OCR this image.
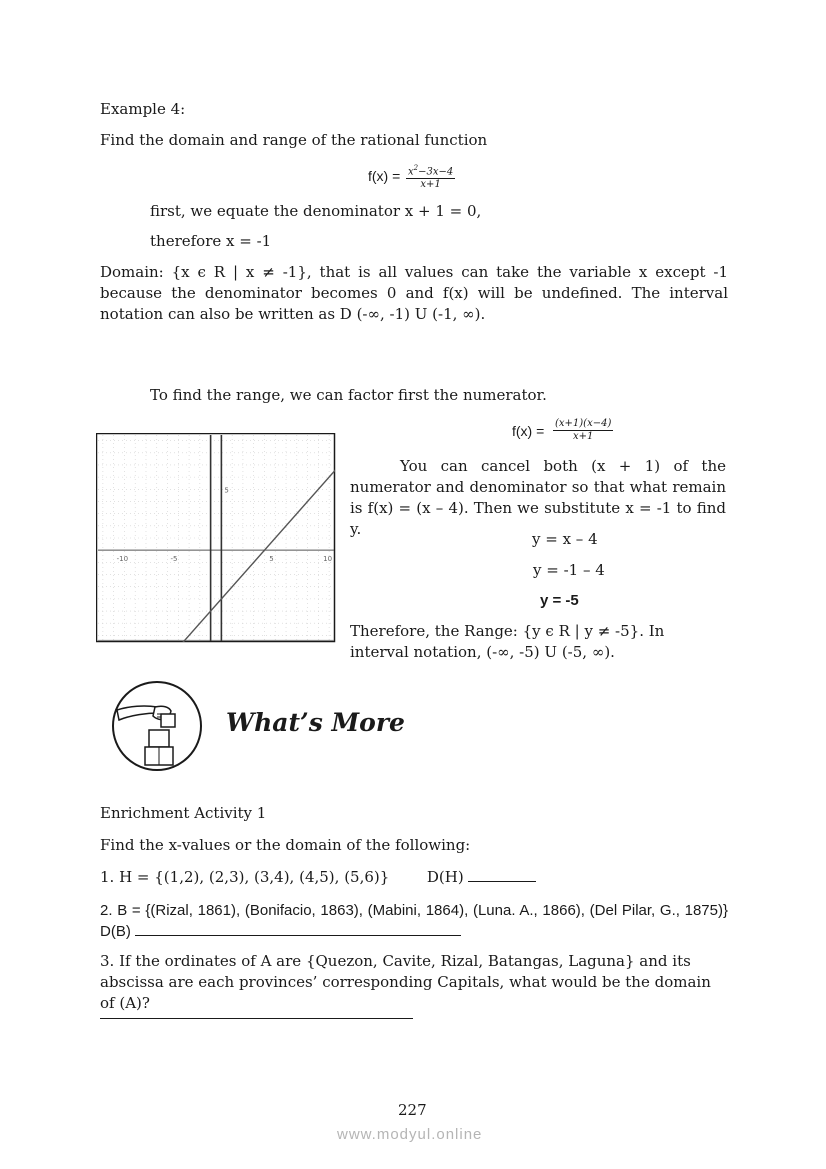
Example 4:
Find the domain and range of the rational function
$f(x) = \frac{x^2-3x-4}{x+1}$
first, we equate the denominator x + 1 = 0,
therefore x = -1
Domain: {x ϵ R | x ≠ -1}, that is all values can take the variable x except -1 because the denominator becomes 0 and f(x) will be undefined. The interval notation can also be written as D (-∞, -1) U (-1, ∞).
To find the range, we can factor first the numerator.
$f(x) = \frac{(x+1)(x-4)}{x+1}$
-10	-5	5	10
5
You can cancel both (x + 1) of the numerator and denominator so that what remain is f(x) = (x – 4). Then we substitute x = -1 to find y.
y = x – 4
y = -1 – 4
y = -5
Therefore, the Range: {y ϵ R | y ≠ -5}. In interval notation, (-∞, -5) U (-5, ∞).
What’s More
Enrichment Activity 1
Find the x-values or the domain of the following:
1. H = {(1,2), (2,3), (3,4), (4,5), (5,6)}	D(H)
2. B = {(Rizal, 1861), (Bonifacio, 1863), (Mabini, 1864), (Luna. A., 1866), (Del Pilar, G., 1875)} D(B)
3. If the ordinates of A are {Quezon, Cavite, Rizal, Batangas, Laguna} and its abscissa are each provinces’ corresponding Capitals, what would be the domain of (A)?
227
www.modyul.online
